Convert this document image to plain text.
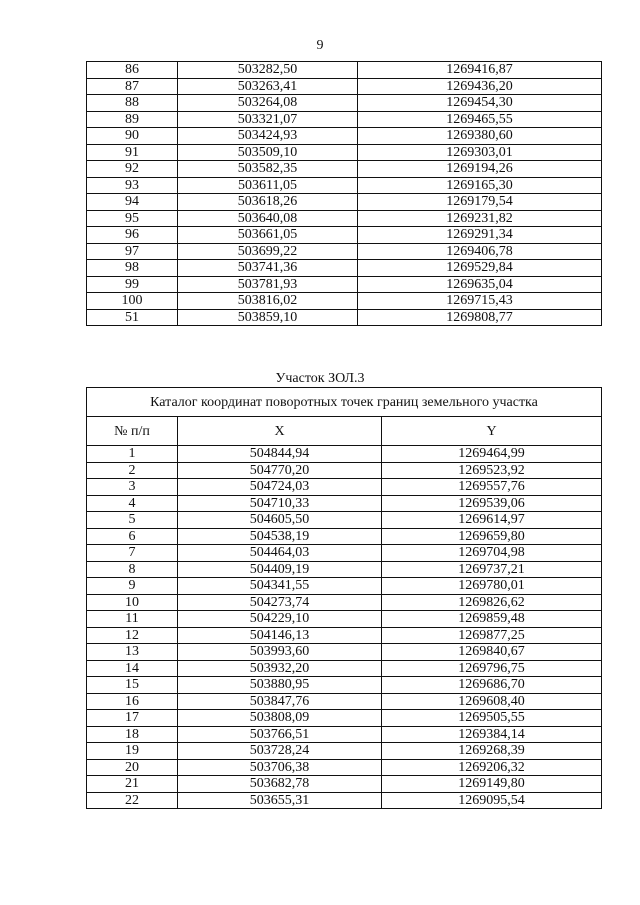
9
86	503282,50	1269416,87
87	503263,41	1269436,20
88	503264,08	1269454,30
89	503321,07	1269465,55
90	503424,93	1269380,60
91	503509,10	1269303,01
92	503582,35	1269194,26
93	503611,05	1269165,30
94	503618,26	1269179,54
95	503640,08	1269231,82
96	503661,05	1269291,34
97	503699,22	1269406,78
98	503741,36	1269529,84
99	503781,93	1269635,04
100	503816,02	1269715,43
51	503859,10	1269808,77
Участок ЗОЛ.3
Каталог координат поворотных точек границ земельного участка		
№ п/п	X	Y
1	504844,94	1269464,99
2	504770,20	1269523,92
3	504724,03	1269557,76
4	504710,33	1269539,06
5	504605,50	1269614,97
6	504538,19	1269659,80
7	504464,03	1269704,98
8	504409,19	1269737,21
9	504341,55	1269780,01
10	504273,74	1269826,62
11	504229,10	1269859,48
12	504146,13	1269877,25
13	503993,60	1269840,67
14	503932,20	1269796,75
15	503880,95	1269686,70
16	503847,76	1269608,40
17	503808,09	1269505,55
18	503766,51	1269384,14
19	503728,24	1269268,39
20	503706,38	1269206,32
21	503682,78	1269149,80
22	503655,31	1269095,54
